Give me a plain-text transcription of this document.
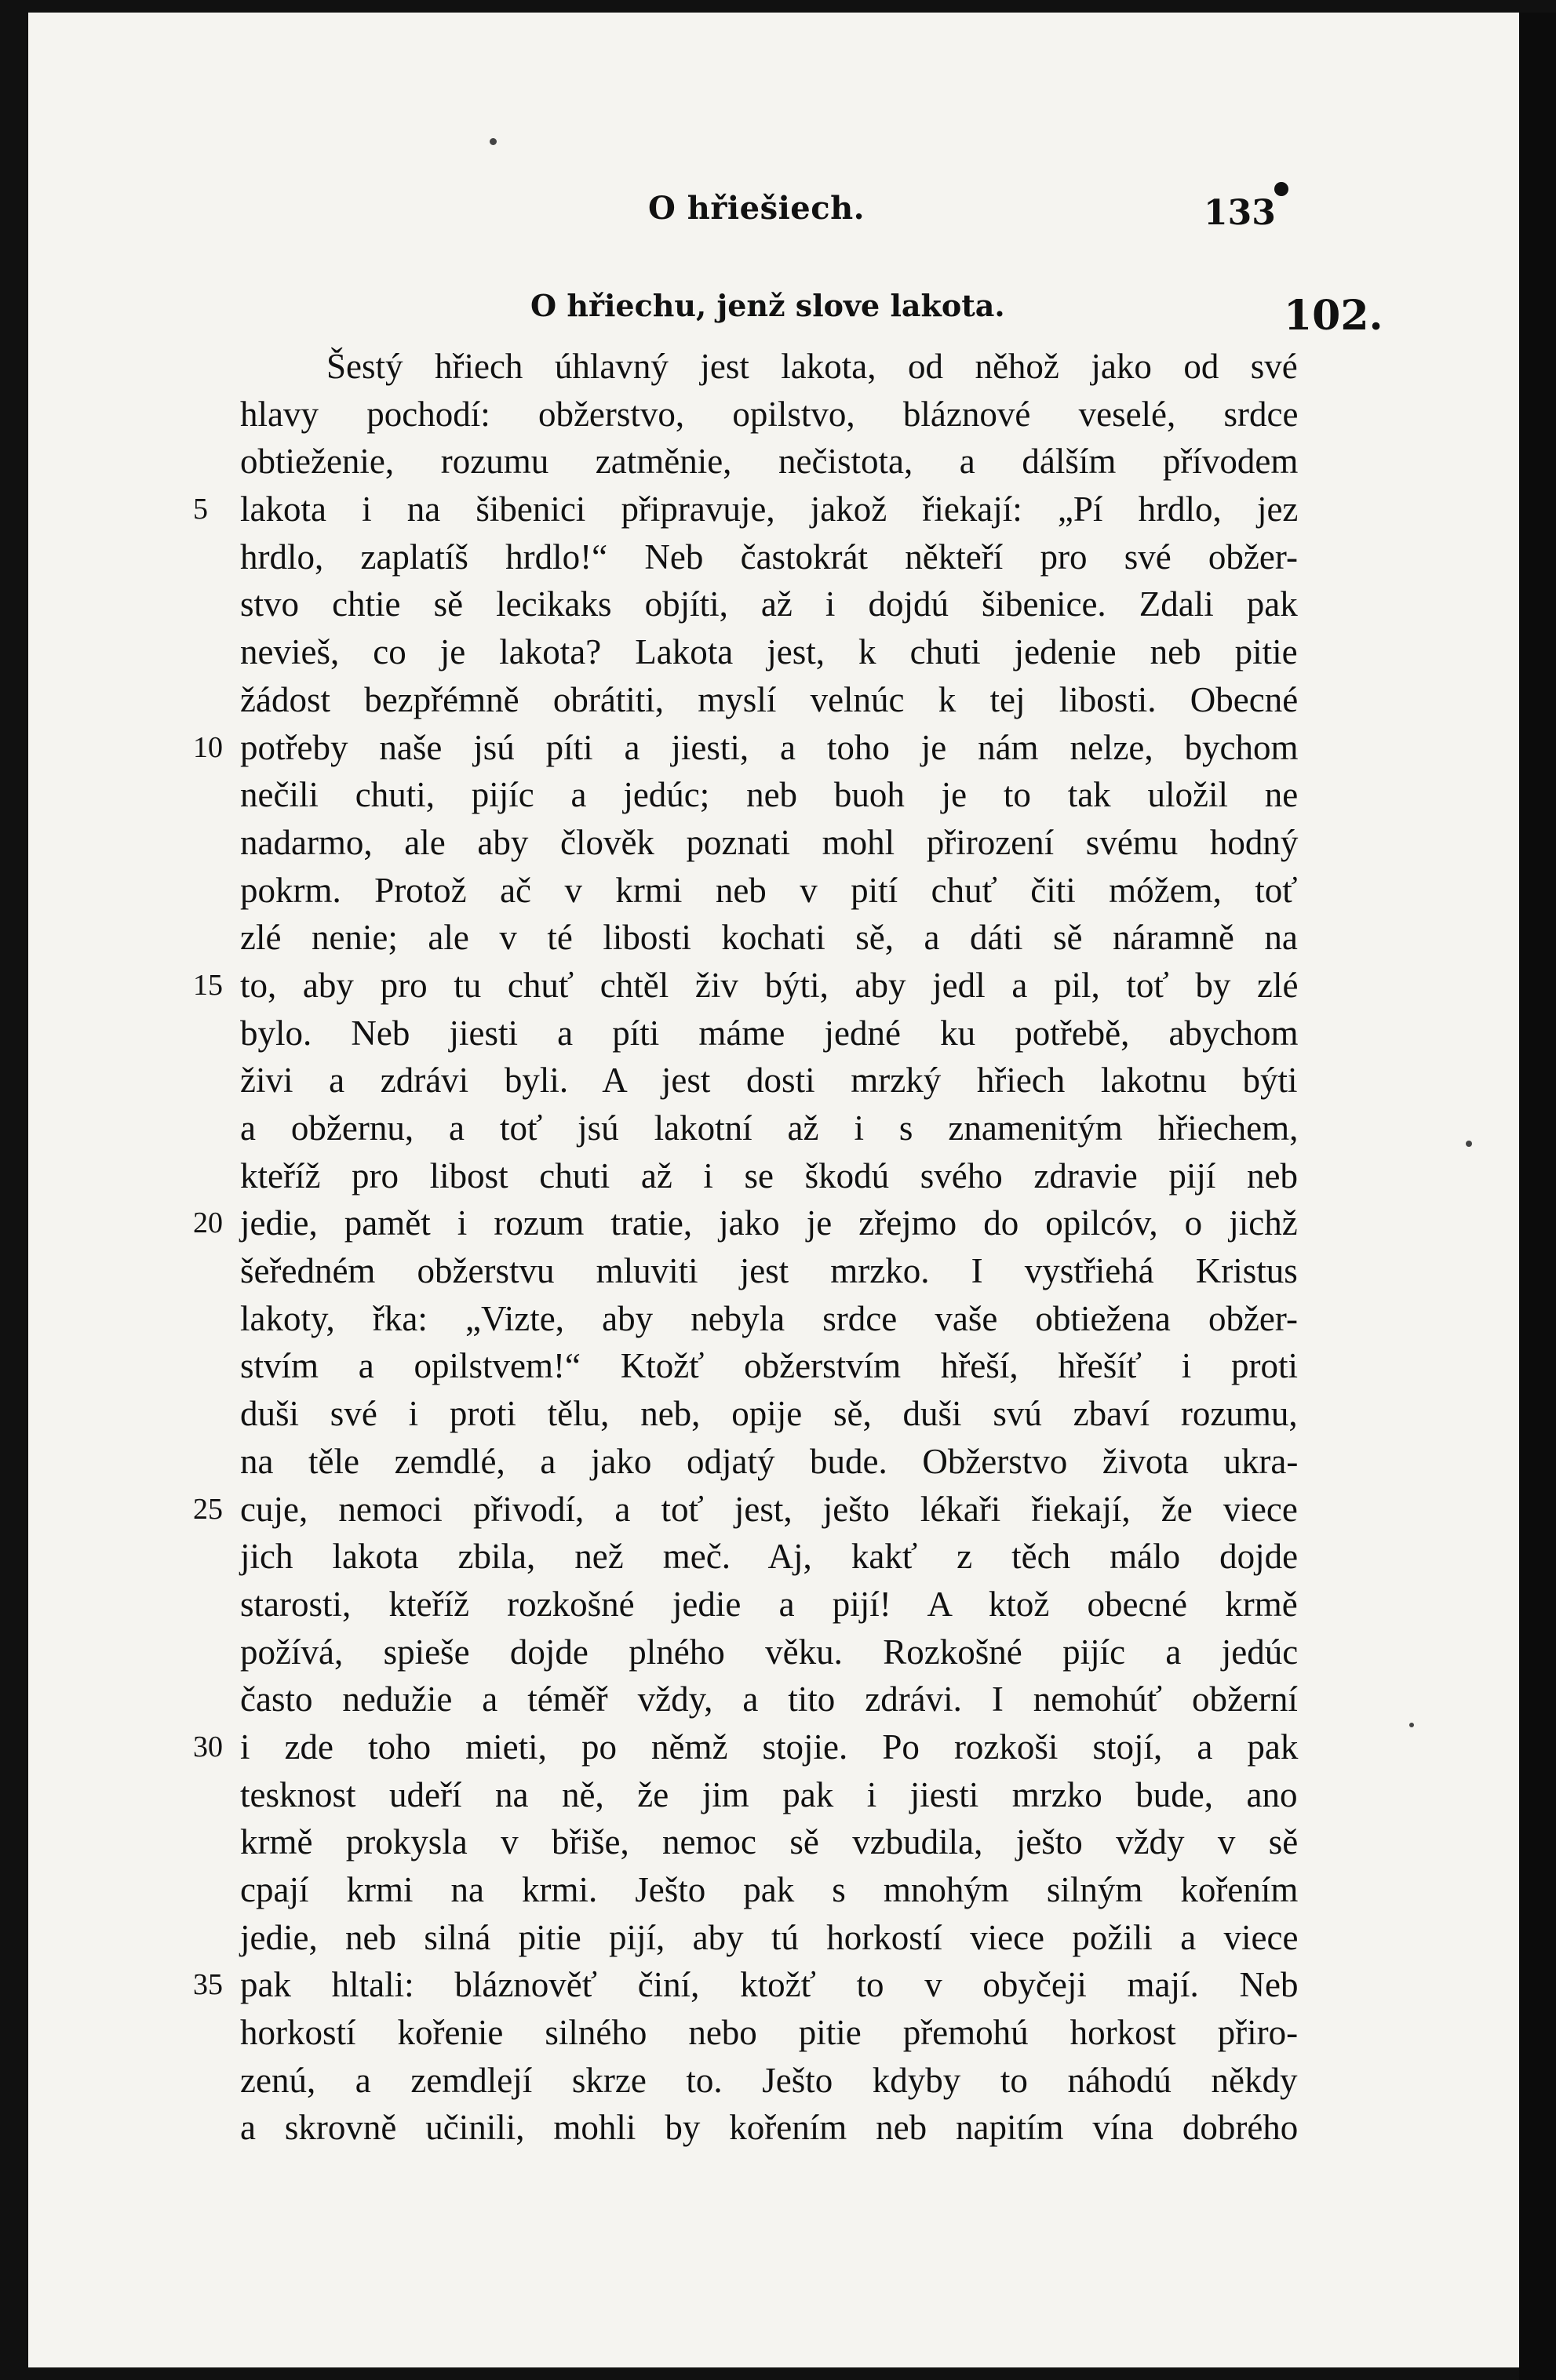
O hřiešiech.	133
O hřiechu, jenž slove lakota.	102.
Šestý hřiech úhlavný jest lakota, od něhož jako od své
hlavy pochodí: obžerstvo, opilstvo, bláznové veselé, srdce
obtieženie, rozumu zatměnie, nečistota, a dálším přívodem
5 lakota i na šibenici připravuje, jakož řiekají: „Pí hrdlo, jez
hrdlo, zaplatíš hrdlo!“ Neb častokrát někteří pro své obžer-
stvo chtie sě lecikaks objíti, až i dojdú šibenice. Zdali pak
nevieš, co je lakota? Lakota jest, k chuti jedenie neb pitie
žádost bezpřémně obrátiti, myslí velnúc k tej libosti. Obecné
10 potřeby naše jsú píti a jiesti, a toho je nám nelze, bychom
nečili chuti, pijíc a jedúc; neb buoh je to tak uložil ne
nadarmo, ale aby člověk poznati mohl přirození svému hodný
pokrm. Protož ač v krmi neb v pití chuť čiti móžem, toť
zlé nenie; ale v té libosti kochati sě, a dáti sě náramně na
15 to, aby pro tu chuť chtěl živ býti, aby jedl a pil, toť by zlé
bylo. Neb jiesti a píti máme jedné ku potřebě, abychom
živi a zdrávi byli. A jest dosti mrzký hřiech lakotnu býti
a obžernu, a toť jsú lakotní až i s znamenitým hřiechem,
kteříž pro libost chuti až i se škodú svého zdravie pijí neb
20 jedie, pamět i rozum tratie, jako je zřejmo do opilcóv, o jichž
šeředném obžerstvu mluviti jest mrzko. I vystřiehá Kristus
lakoty, řka: „Vizte, aby nebyla srdce vaše obtiežena obžer-
stvím a opilstvem!“ Ktožť obžerstvím hřeší, hřešíť i proti
duši své i proti tělu, neb, opije sě, duši svú zbaví rozumu,
na těle zemdlé, a jako odjatý bude. Obžerstvo života ukra-
25 cuje, nemoci přivodí, a toť jest, ješto lékaři řiekají, že viece
jich lakota zbila, než meč. Aj, kakť z těch málo dojde
starosti, kteříž rozkošné jedie a pijí! A ktož obecné krmě
požívá, spieše dojde plného věku. Rozkošné pijíc a jedúc
často nedužie a téměř vždy, a tito zdrávi. I nemohúť obžerní
30 i zde toho mieti, po němž stojie. Po rozkoši stojí, a pak
tesknost udeří na ně, že jim pak i jiesti mrzko bude, ano
krmě prokysla v břiše, nemoc sě vzbudila, ješto vždy v sě
cpají krmi na krmi. Ješto pak s mnohým silným kořením
jedie, neb silná pitie pijí, aby tú horkostí viece požili a viece
35 pak hltali: bláznověť činí, ktožť to v obyčeji mají. Neb
horkostí kořenie silného nebo pitie přemohú horkost přiro-
zenú, a zemdlejí skrze to. Ješto kdyby to náhodú někdy
a skrovně učinili, mohli by kořením neb napitím vína dobrého
